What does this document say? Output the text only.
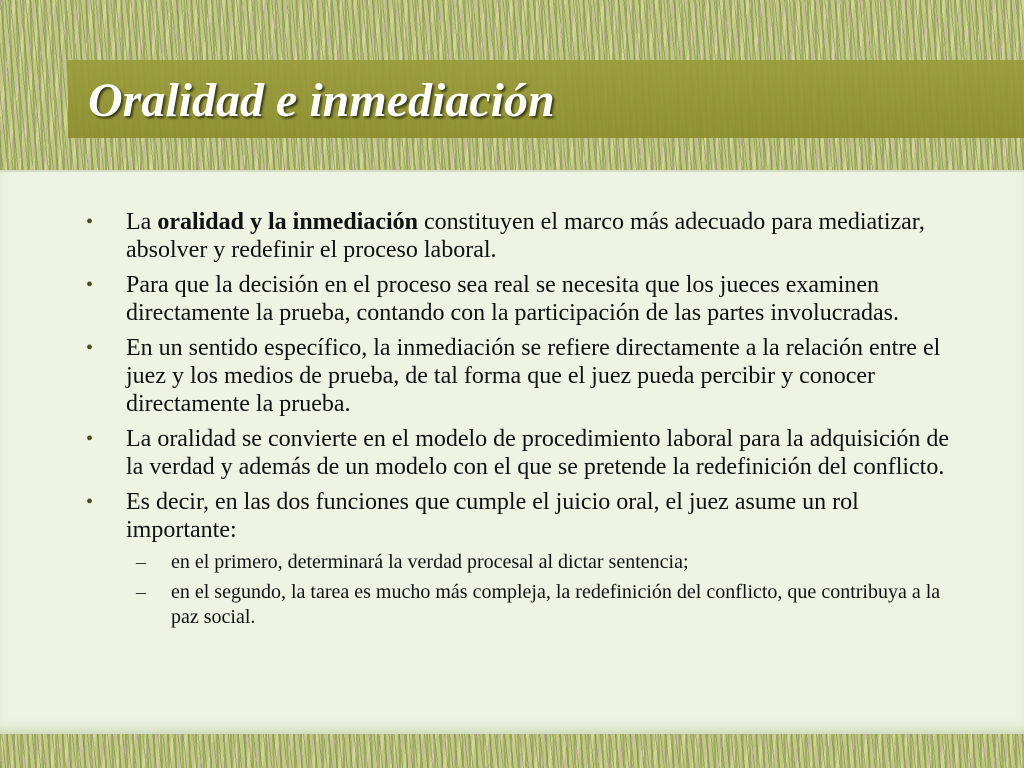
Oralidad e inmediación
•	La oralidad y la inmediación constituyen el marco más adecuado para mediatizar, absolver y redefinir el proceso laboral.
•	Para que la decisión en el proceso sea real se necesita que los jueces examinen directamente la prueba, contando con la participación de las partes involucradas.
•	En un sentido específico, la inmediación se refiere directamente a la relación entre el juez y los medios de prueba, de tal forma que el juez pueda percibir y conocer directamente la prueba.
•	La oralidad se convierte en el modelo de procedimiento laboral para la adquisición de la verdad y además de un modelo con el que se pretende la redefinición del conflicto.
•	Es decir, en las dos funciones que cumple el juicio oral, el juez asume un rol importante:
– en el primero, determinará la verdad procesal al dictar sentencia;
– en el segundo, la tarea es mucho más compleja, la redefinición del conflicto, que contribuya a la paz social.
